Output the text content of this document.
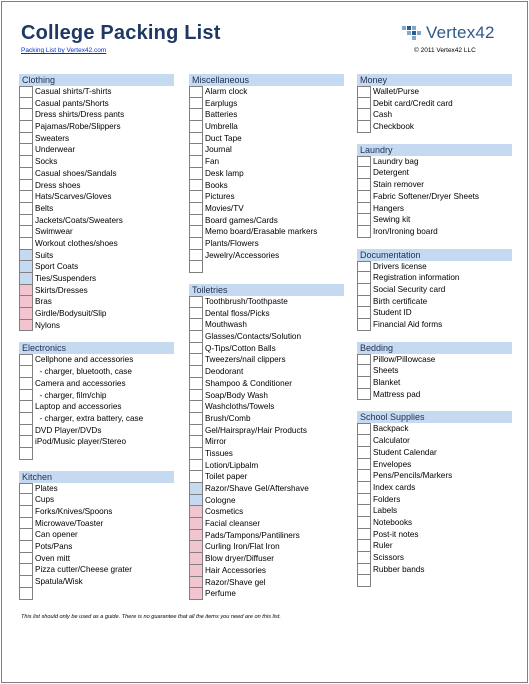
College Packing List
Packing List by Vertex42.com
Vertex42
© 2011 Vertex42 LLC
Clothing
Casual shirts/T-shirts
Casual pants/Shorts
Dress shirts/Dress pants
Pajamas/Robe/Slippers
Sweaters
Underwear
Socks
Casual shoes/Sandals
Dress shoes
Hats/Scarves/Gloves
Belts
Jackets/Coats/Sweaters
Swimwear
Workout clothes/shoes
Suits
Sport Coats
Ties/Suspenders
Skirts/Dresses
Bras
Girdle/Bodysuit/Slip
Nylons
Electronics
Cellphone and accessories
- charger, bluetooth, case
Camera and accessories
- charger, film/chip
Laptop and accessories
- charger, extra battery, case
DVD Player/DVDs
iPod/Music player/Stereo
Kitchen
Plates
Cups
Forks/Knives/Spoons
Microwave/Toaster
Can opener
Pots/Pans
Oven mitt
Pizza cutter/Cheese grater
Spatula/Wisk
Miscellaneous
Alarm clock
Earplugs
Batteries
Umbrella
Duct Tape
Journal
Fan
Desk lamp
Books
Pictures
Movies/TV
Board games/Cards
Memo board/Erasable markers
Plants/Flowers
Jewelry/Accessories
Toiletries
Toothbrush/Toothpaste
Dental floss/Picks
Mouthwash
Glasses/Contacts/Solution
Q-Tips/Cotton Balls
Tweezers/nail clippers
Deodorant
Shampoo & Conditioner
Soap/Body Wash
Washcloths/Towels
Brush/Comb
Gel/Hairspray/Hair Products
Mirror
Tissues
Lotion/Lipbalm
Toilet paper
Razor/Shave Gel/Aftershave
Cologne
Cosmetics
Facial cleanser
Pads/Tampons/Pantiliners
Curling Iron/Flat Iron
Blow dryer/Diffuser
Hair Accessories
Razor/Shave gel
Perfume
Money
Wallet/Purse
Debit card/Credit card
Cash
Checkbook
Laundry
Laundry bag
Detergent
Stain remover
Fabric Softener/Dryer Sheets
Hangers
Sewing kit
Iron/Ironing board
Documentation
Drivers license
Registration information
Social Security card
Birth certificate
Student ID
Financial Aid forms
Bedding
Pillow/Pillowcase
Sheets
Blanket
Mattress pad
School Supplies
Backpack
Calculator
Student Calendar
Envelopes
Pens/Pencils/Markers
Index cards
Folders
Labels
Notebooks
Post-it notes
Ruler
Scissors
Rubber bands
This list should only be used as a guide. There is no guarantee that all the items you need are on this list.
